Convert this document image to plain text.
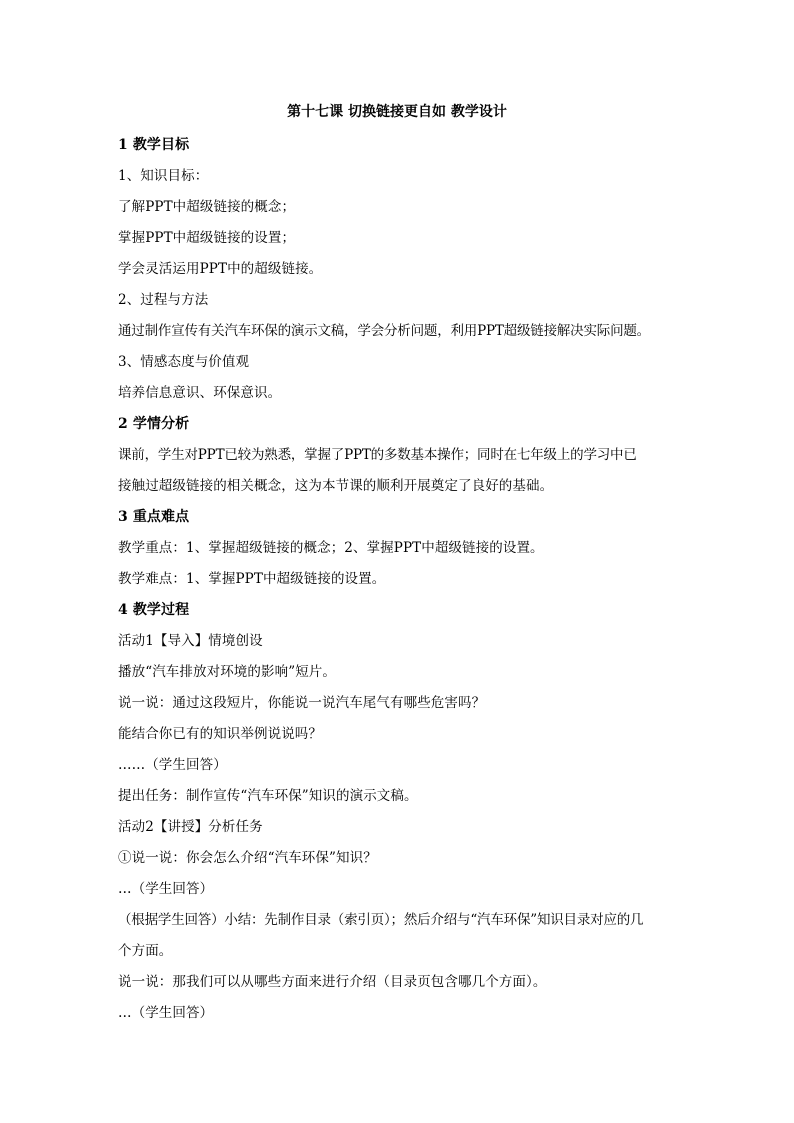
第十七课 切换链接更自如 教学设计
1 教学目标
1、知识目标：
了解PPT中超级链接的概念；
掌握PPT中超级链接的设置；
学会灵活运用PPT中的超级链接。
2、过程与方法
通过制作宣传有关汽车环保的演示文稿，学会分析问题，利用PPT超级链接解决实际问题。
3、情感态度与价值观
培养信息意识、环保意识。
2 学情分析
课前，学生对PPT已较为熟悉，掌握了PPT的多数基本操作；同时在七年级上的学习中已
接触过超级链接的相关概念，这为本节课的顺利开展奠定了良好的基础。
3 重点难点
教学重点：1、掌握超级链接的概念；2、掌握PPT中超级链接的设置。
教学难点：1、掌握PPT中超级链接的设置。
4 教学过程
活动1【导入】情境创设
播放“汽车排放对环境的影响”短片。
说一说：通过这段短片，你能说一说汽车尾气有哪些危害吗？
能结合你已有的知识举例说说吗？
……（学生回答）
提出任务：制作宣传“汽车环保”知识的演示文稿。
活动2【讲授】分析任务
①说一说：你会怎么介绍“汽车环保”知识？
…（学生回答）
（根据学生回答）小结：先制作目录（索引页）；然后介绍与“汽车环保”知识目录对应的几
个方面。
说一说：那我们可以从哪些方面来进行介绍（目录页包含哪几个方面）。
…（学生回答）
